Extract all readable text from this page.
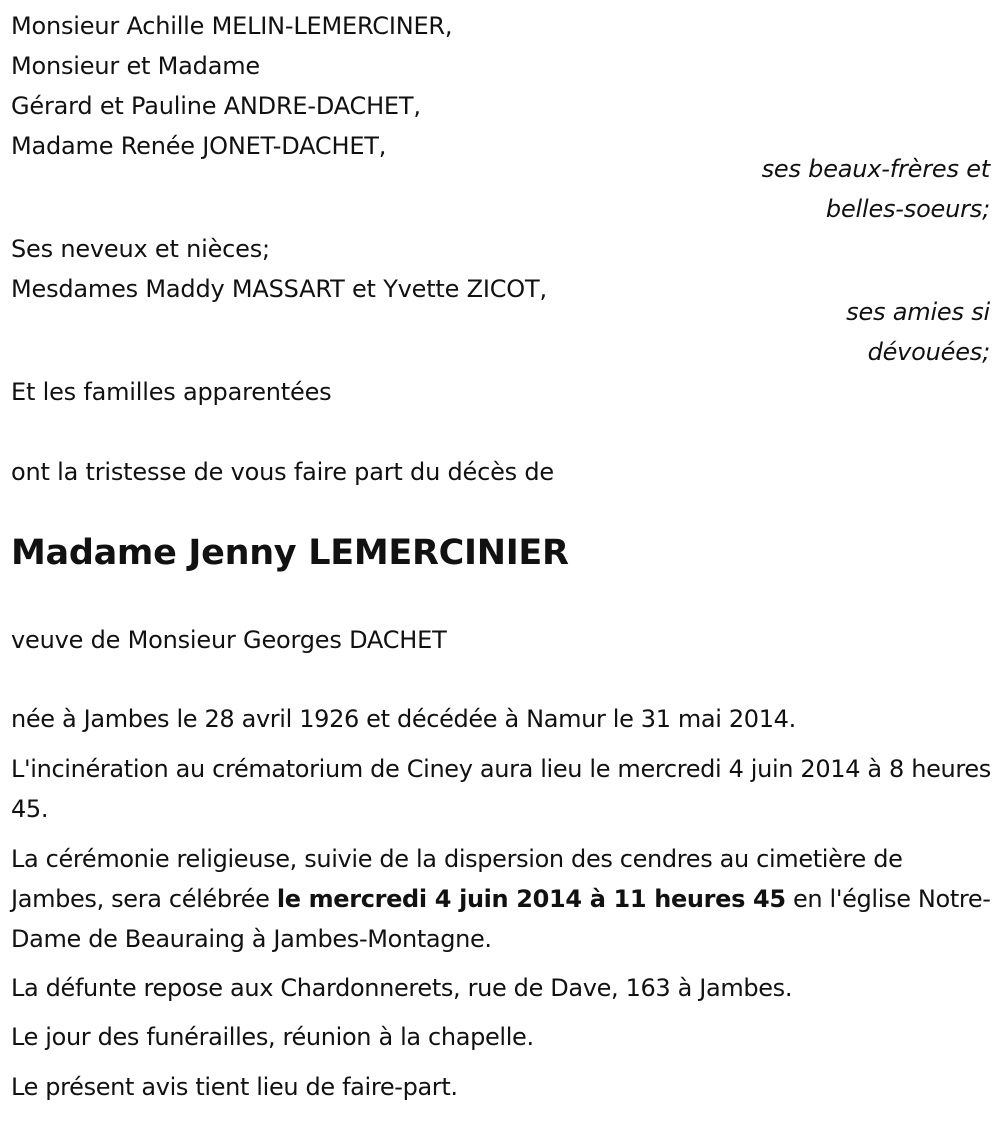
Monsieur Achille MELIN-LEMERCINER,
Monsieur et Madame
Gérard et Pauline ANDRE-DACHET,
Madame Renée JONET-DACHET,
ses beaux-frères et
belles-soeurs;
Ses neveux et nièces;
Mesdames Maddy MASSART et Yvette ZICOT,
ses amies si
dévouées;
Et les familles apparentées
ont la tristesse de vous faire part du décès de
Madame Jenny LEMERCINIER
veuve de Monsieur Georges DACHET
née à Jambes le 28 avril 1926 et décédée à Namur le 31 mai 2014.
L'incinération au crématorium de Ciney aura lieu le mercredi 4 juin 2014 à 8 heures 45.
La cérémonie religieuse, suivie de la dispersion des cendres au cimetière de Jambes, sera célébrée le mercredi 4 juin 2014 à 11 heures 45 en l'église Notre-Dame de Beauraing à Jambes-Montagne.
La défunte repose aux Chardonnerets, rue de Dave, 163 à Jambes.
Le jour des funérailles, réunion à la chapelle.
Le présent avis tient lieu de faire-part.
